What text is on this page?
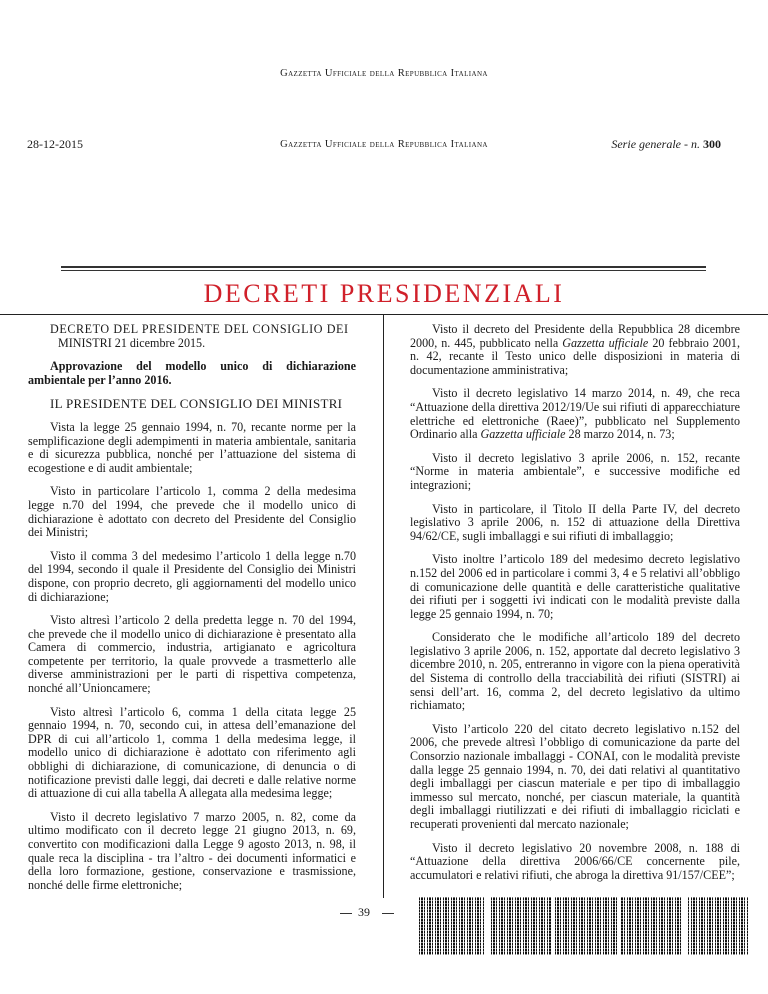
Gazzetta Ufficiale della Repubblica Italiana
28-12-2015	Gazzetta Ufficiale della Repubblica Italiana	Serie generale - n. 300
DECRETI PRESIDENZIALI

DECRETO DEL PRESIDENTE DEL CONSIGLIO DEI
MINISTRI 21 dicembre 2015.

Approvazione del modello unico di dichiarazione ambientale per l’anno 2016.

IL PRESIDENTE DEL CONSIGLIO DEI MINISTRI

Vista la legge 25 gennaio 1994, n. 70, recante norme per la semplificazione degli adempimenti in materia ambientale, sanitaria e di sicurezza pubblica, nonché per l’attuazione del sistema di ecogestione e di audit ambientale;

Visto in particolare l’articolo 1, comma 2 della medesima legge n.70 del 1994, che prevede che il modello unico di dichiarazione è adottato con decreto del Presidente del Consiglio dei Ministri;

Visto il comma 3 del medesimo l’articolo 1 della legge n.70 del 1994, secondo il quale il Presidente del Consiglio dei Ministri dispone, con proprio decreto, gli aggiornamenti del modello unico di dichiarazione;

Visto altresì l’articolo 2 della predetta legge n. 70 del 1994, che prevede che il modello unico di dichiarazione è presentato alla Camera di commercio, industria, artigianato e agricoltura competente per territorio, la quale provvede a trasmetterlo alle diverse amministrazioni per le parti di rispettiva competenza, nonché all’Unioncamere;

Visto altresì l’articolo 6, comma 1 della citata legge 25 gennaio 1994, n. 70, secondo cui, in attesa dell’emanazione del DPR di cui all’articolo 1, comma 1 della medesima legge, il modello unico di dichiarazione è adottato con riferimento agli obblighi di dichiarazione, di comunicazione, di denuncia o di notificazione previsti dalle leggi, dai decreti e dalle relative norme di attuazione di cui alla tabella A allegata alla medesima legge;

Visto il decreto legislativo 7 marzo 2005, n. 82, come da ultimo modificato con il decreto legge 21 giugno 2013, n. 69, convertito con modificazioni dalla Legge 9 agosto 2013, n. 98, il quale reca la disciplina - tra l’altro - dei documenti informatici e della loro formazione, gestione, conservazione e trasmissione, nonché delle firme elettroniche;

Visto il decreto del Presidente della Repubblica 28 dicembre 2000, n. 445, pubblicato nella Gazzetta ufficiale 20 febbraio 2001, n. 42, recante il Testo unico delle disposizioni in materia di documentazione amministrativa;

Visto il decreto legislativo 14 marzo 2014, n. 49, che reca “Attuazione della direttiva 2012/19/Ue sui rifiuti di apparecchiature elettriche ed elettroniche (Raee)”, pubblicato nel Supplemento Ordinario alla Gazzetta ufficiale 28 marzo 2014, n. 73;

Visto il decreto legislativo 3 aprile 2006, n. 152, recante “Norme in materia ambientale”, e successive modifiche ed integrazioni;

Visto in particolare, il Titolo II della Parte IV, del decreto legislativo 3 aprile 2006, n. 152 di attuazione della Direttiva 94/62/CE, sugli imballaggi e sui rifiuti di imballaggio;

Visto inoltre l’articolo 189 del medesimo decreto legislativo n.152 del 2006 ed in particolare i commi 3, 4 e 5 relativi all’obbligo di comunicazione delle quantità e delle caratteristiche qualitative dei rifiuti per i soggetti ivi indicati con le modalità previste dalla legge 25 gennaio 1994, n. 70;

Considerato che le modifiche all’articolo 189 del decreto legislativo 3 aprile 2006, n. 152, apportate dal decreto legislativo 3 dicembre 2010, n. 205, entreranno in vigore con la piena operatività del Sistema di controllo della tracciabilità dei rifiuti (SISTRI) ai sensi dell’art. 16, comma 2, del decreto legislativo da ultimo richiamato;

Visto l’articolo 220 del citato decreto legislativo n.152 del 2006, che prevede altresì l’obbligo di comunicazione da parte del Consorzio nazionale imballaggi - CONAI, con le modalità previste dalla legge 25 gennaio 1994, n. 70, dei dati relativi al quantitativo degli imballaggi per ciascun materiale e per tipo di imballaggio immesso sul mercato, nonché, per ciascun materiale, la quantità degli imballaggi riutilizzati e dei rifiuti di imballaggio riciclati e recuperati provenienti dal mercato nazionale;

Visto il decreto legislativo 20 novembre 2008, n. 188 di “Attuazione della direttiva 2006/66/CE concernente pile, accumulatori e relativi rifiuti, che abroga la direttiva 91/157/CEE”;

39
